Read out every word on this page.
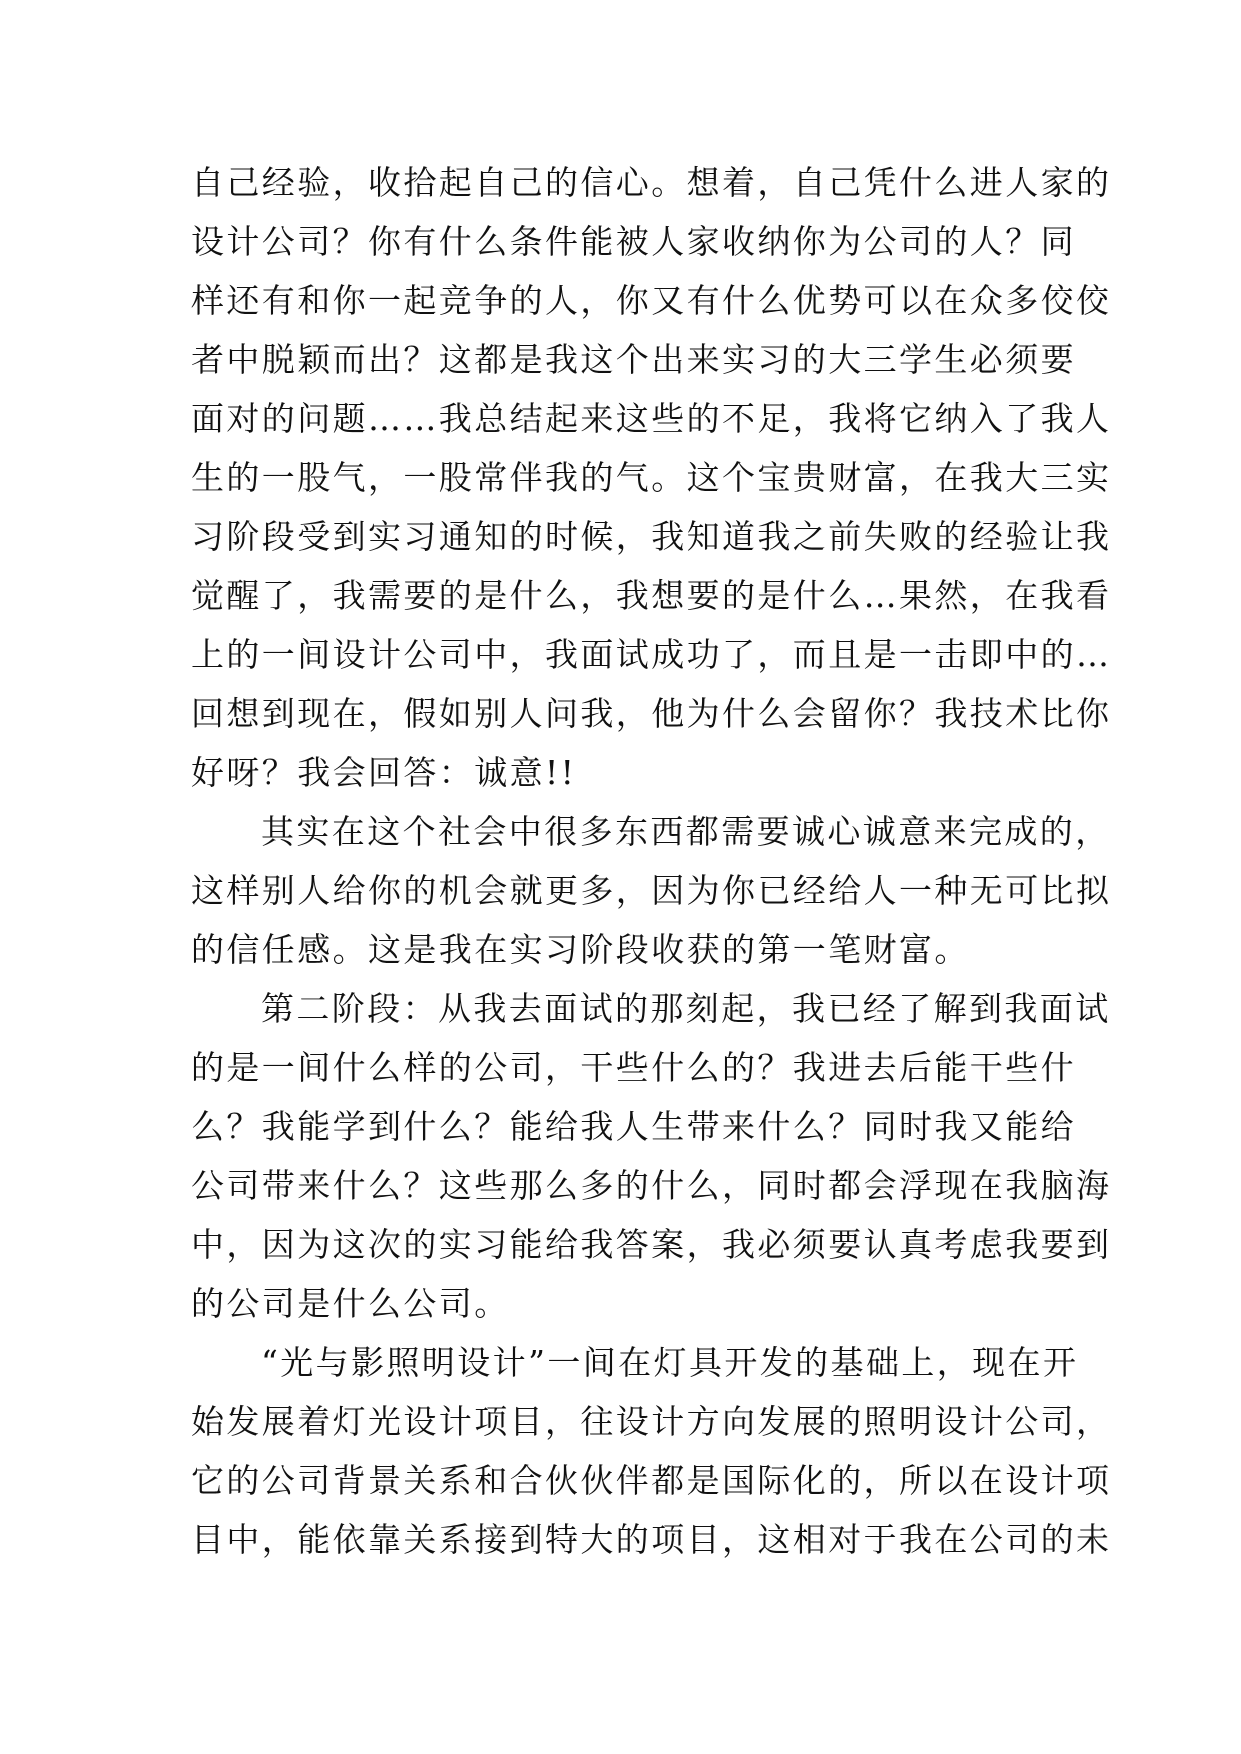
自己经验，收拾起自己的信心。想着，自己凭什么进人家的
设计公司？你有什么条件能被人家收纳你为公司的人？同
样还有和你一起竞争的人，你又有什么优势可以在众多佼佼
者中脱颖而出？这都是我这个出来实习的大三学生必须要
面对的问题……我总结起来这些的不足，我将它纳入了我人
生的一股气，一股常伴我的气。这个宝贵财富，在我大三实
习阶段受到实习通知的时候，我知道我之前失败的经验让我
觉醒了，我需要的是什么，我想要的是什么…果然，在我看
上的一间设计公司中，我面试成功了，而且是一击即中的…
回想到现在，假如别人问我，他为什么会留你？我技术比你
好呀？我会回答：诚意!!
其实在这个社会中很多东西都需要诚心诚意来完成的，
这样别人给你的机会就更多，因为你已经给人一种无可比拟
的信任感。这是我在实习阶段收获的第一笔财富。
第二阶段：从我去面试的那刻起，我已经了解到我面试
的是一间什么样的公司，干些什么的？我进去后能干些什
么？我能学到什么？能给我人生带来什么？同时我又能给
公司带来什么？这些那么多的什么，同时都会浮现在我脑海
中，因为这次的实习能给我答案，我必须要认真考虑我要到
的公司是什么公司。
“光与影照明设计”一间在灯具开发的基础上，现在开
始发展着灯光设计项目，往设计方向发展的照明设计公司，
它的公司背景关系和合伙伙伴都是国际化的，所以在设计项
目中，能依靠关系接到特大的项目，这相对于我在公司的未
